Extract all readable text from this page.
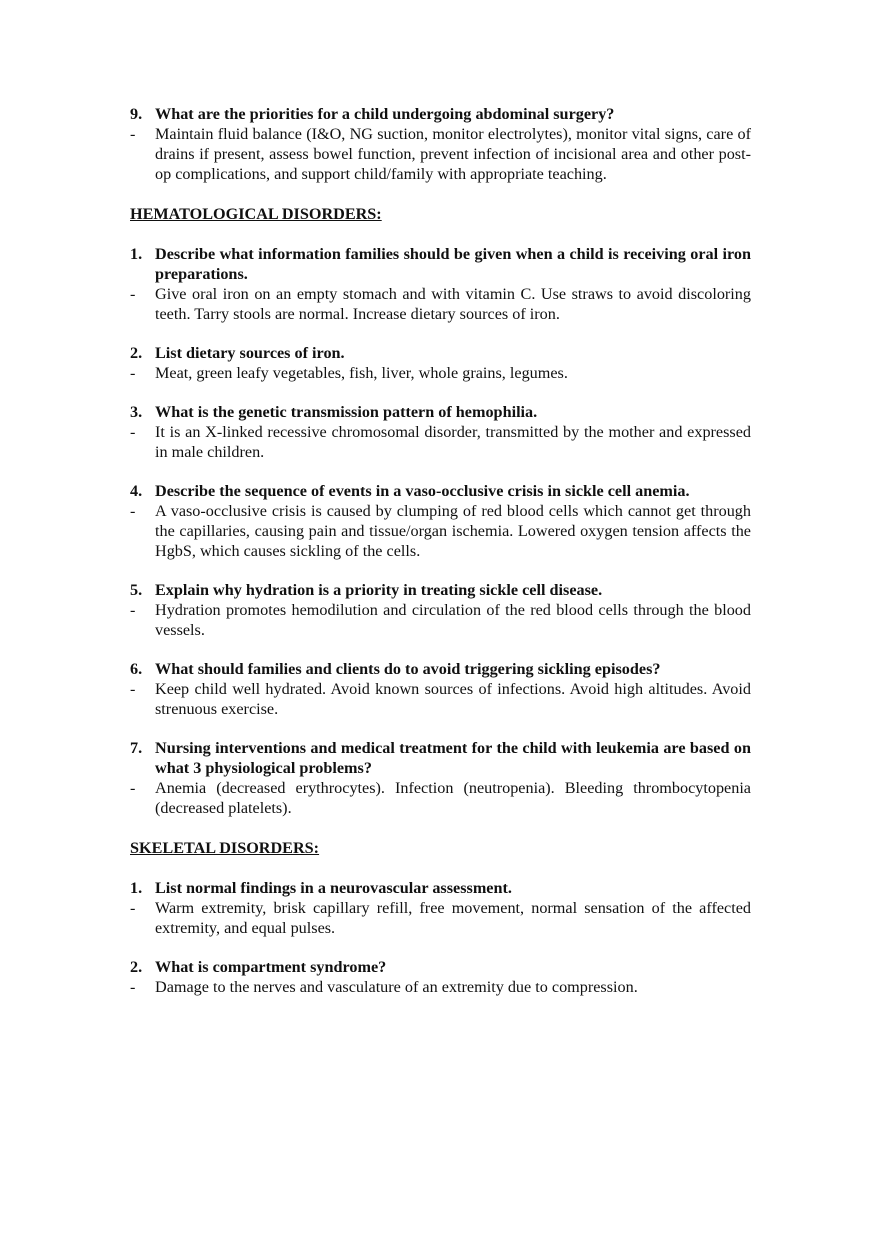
9. What are the priorities for a child undergoing abdominal surgery?
- Maintain fluid balance (I&O, NG suction, monitor electrolytes), monitor vital signs, care of drains if present, assess bowel function, prevent infection of incisional area and other post-op complications, and support child/family with appropriate teaching.
HEMATOLOGICAL DISORDERS:
1. Describe what information families should be given when a child is receiving oral iron preparations.
- Give oral iron on an empty stomach and with vitamin C. Use straws to avoid discoloring teeth. Tarry stools are normal. Increase dietary sources of iron.
2. List dietary sources of iron.
- Meat, green leafy vegetables, fish, liver, whole grains, legumes.
3. What is the genetic transmission pattern of hemophilia.
- It is an X-linked recessive chromosomal disorder, transmitted by the mother and expressed in male children.
4. Describe the sequence of events in a vaso-occlusive crisis in sickle cell anemia.
- A vaso-occlusive crisis is caused by clumping of red blood cells which cannot get through the capillaries, causing pain and tissue/organ ischemia. Lowered oxygen tension affects the HgbS, which causes sickling of the cells.
5. Explain why hydration is a priority in treating sickle cell disease.
- Hydration promotes hemodilution and circulation of the red blood cells through the blood vessels.
6. What should families and clients do to avoid triggering sickling episodes?
- Keep child well hydrated. Avoid known sources of infections. Avoid high altitudes. Avoid strenuous exercise.
7. Nursing interventions and medical treatment for the child with leukemia are based on what 3 physiological problems?
- Anemia (decreased erythrocytes). Infection (neutropenia). Bleeding thrombocytopenia (decreased platelets).
SKELETAL DISORDERS:
1. List normal findings in a neurovascular assessment.
- Warm extremity, brisk capillary refill, free movement, normal sensation of the affected extremity, and equal pulses.
2. What is compartment syndrome?
- Damage to the nerves and vasculature of an extremity due to compression.
